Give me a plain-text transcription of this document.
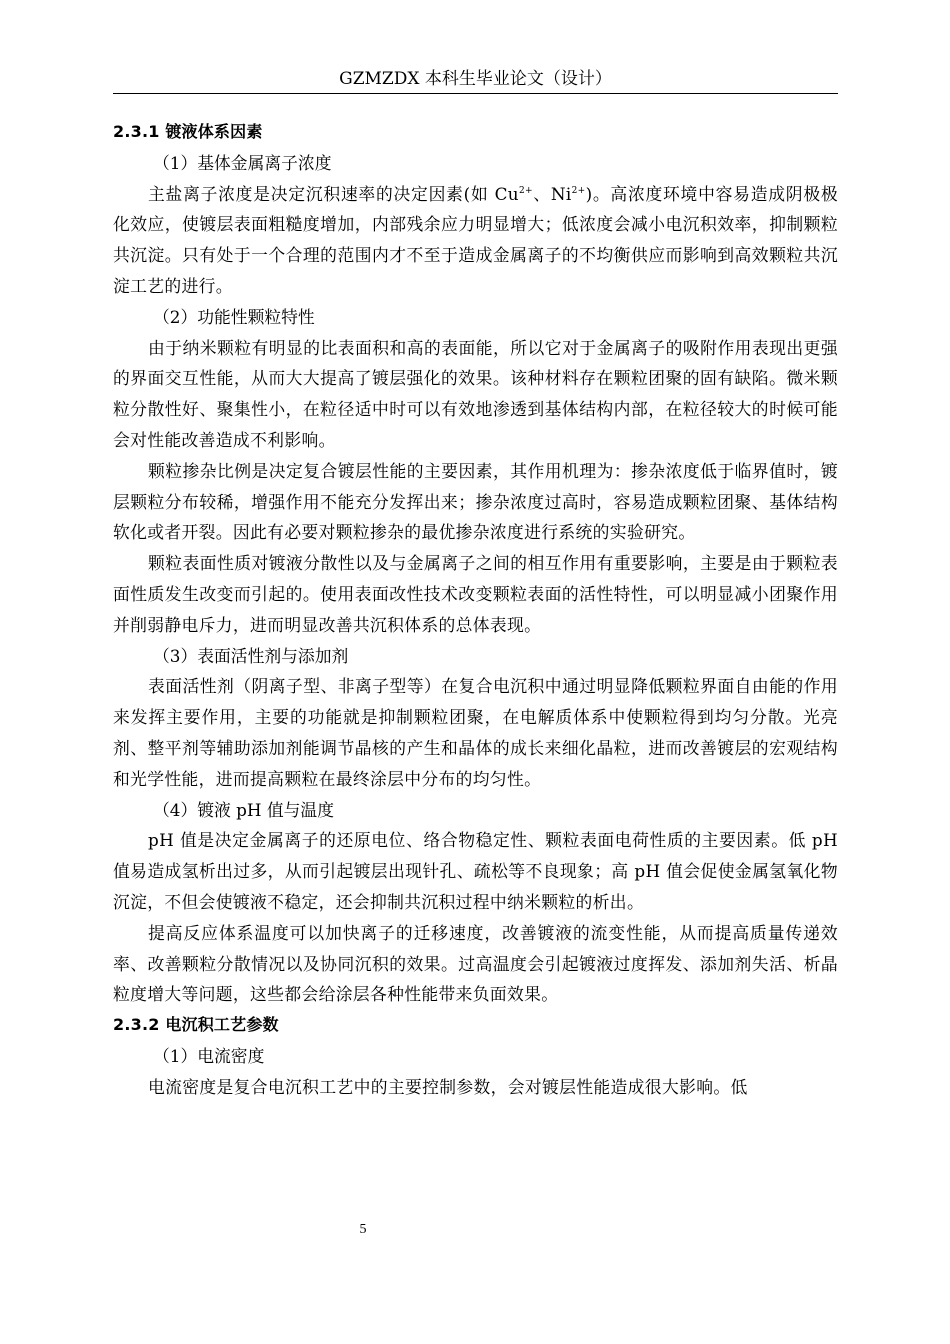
GZMZDX 本科生毕业论文（设计）
2.3.1 镀液体系因素
（1）基体金属离子浓度

主盐离子浓度是决定沉积速率的决定因素(如 $Cu^{2+}$、$Ni^{2+}$)。高浓度环境中容易造成阴极极化效应，使镀层表面粗糙度增加，内部残余应力明显增大；低浓度会减小电沉积效率，抑制颗粒共沉淀。只有处于一个合理的范围内才不至于造成金属离子的不均衡供应而影响到高效颗粒共沉淀工艺的进行。

（2）功能性颗粒特性

由于纳米颗粒有明显的比表面积和高的表面能，所以它对于金属离子的吸附作用表现出更强的界面交互性能，从而大大提高了镀层强化的效果。该种材料存在颗粒团聚的固有缺陷。微米颗粒分散性好、聚集性小，在粒径适中时可以有效地渗透到基体结构内部，在粒径较大的时候可能会对性能改善造成不利影响。

颗粒掺杂比例是决定复合镀层性能的主要因素，其作用机理为：掺杂浓度低于临界值时，镀层颗粒分布较稀，增强作用不能充分发挥出来；掺杂浓度过高时，容易造成颗粒团聚、基体结构软化或者开裂。因此有必要对颗粒掺杂的最优掺杂浓度进行系统的实验研究。

颗粒表面性质对镀液分散性以及与金属离子之间的相互作用有重要影响，主要是由于颗粒表面性质发生改变而引起的。使用表面改性技术改变颗粒表面的活性特性，可以明显减小团聚作用并削弱静电斥力，进而明显改善共沉积体系的总体表现。

（3）表面活性剂与添加剂

表面活性剂（阴离子型、非离子型等）在复合电沉积中通过明显降低颗粒界面自由能的作用来发挥主要作用，主要的功能就是抑制颗粒团聚，在电解质体系中使颗粒得到均匀分散。光亮剂、整平剂等辅助添加剂能调节晶核的产生和晶体的成长来细化晶粒，进而改善镀层的宏观结构和光学性能，进而提高颗粒在最终涂层中分布的均匀性。

（4）镀液 pH 值与温度

pH 值是决定金属离子的还原电位、络合物稳定性、颗粒表面电荷性质的主要因素。低 pH 值易造成氢析出过多，从而引起镀层出现针孔、疏松等不良现象；高 pH 值会促使金属氢氧化物沉淀，不但会使镀液不稳定，还会抑制共沉积过程中纳米颗粒的析出。

提高反应体系温度可以加快离子的迁移速度，改善镀液的流变性能，从而提高质量传递效率、改善颗粒分散情况以及协同沉积的效果。过高温度会引起镀液过度挥发、添加剂失活、析晶粒度增大等问题，这些都会给涂层各种性能带来负面效果。

2.3.2 电沉积工艺参数
（1）电流密度

电流密度是复合电沉积工艺中的主要控制参数，会对镀层性能造成很大影响。低

5
